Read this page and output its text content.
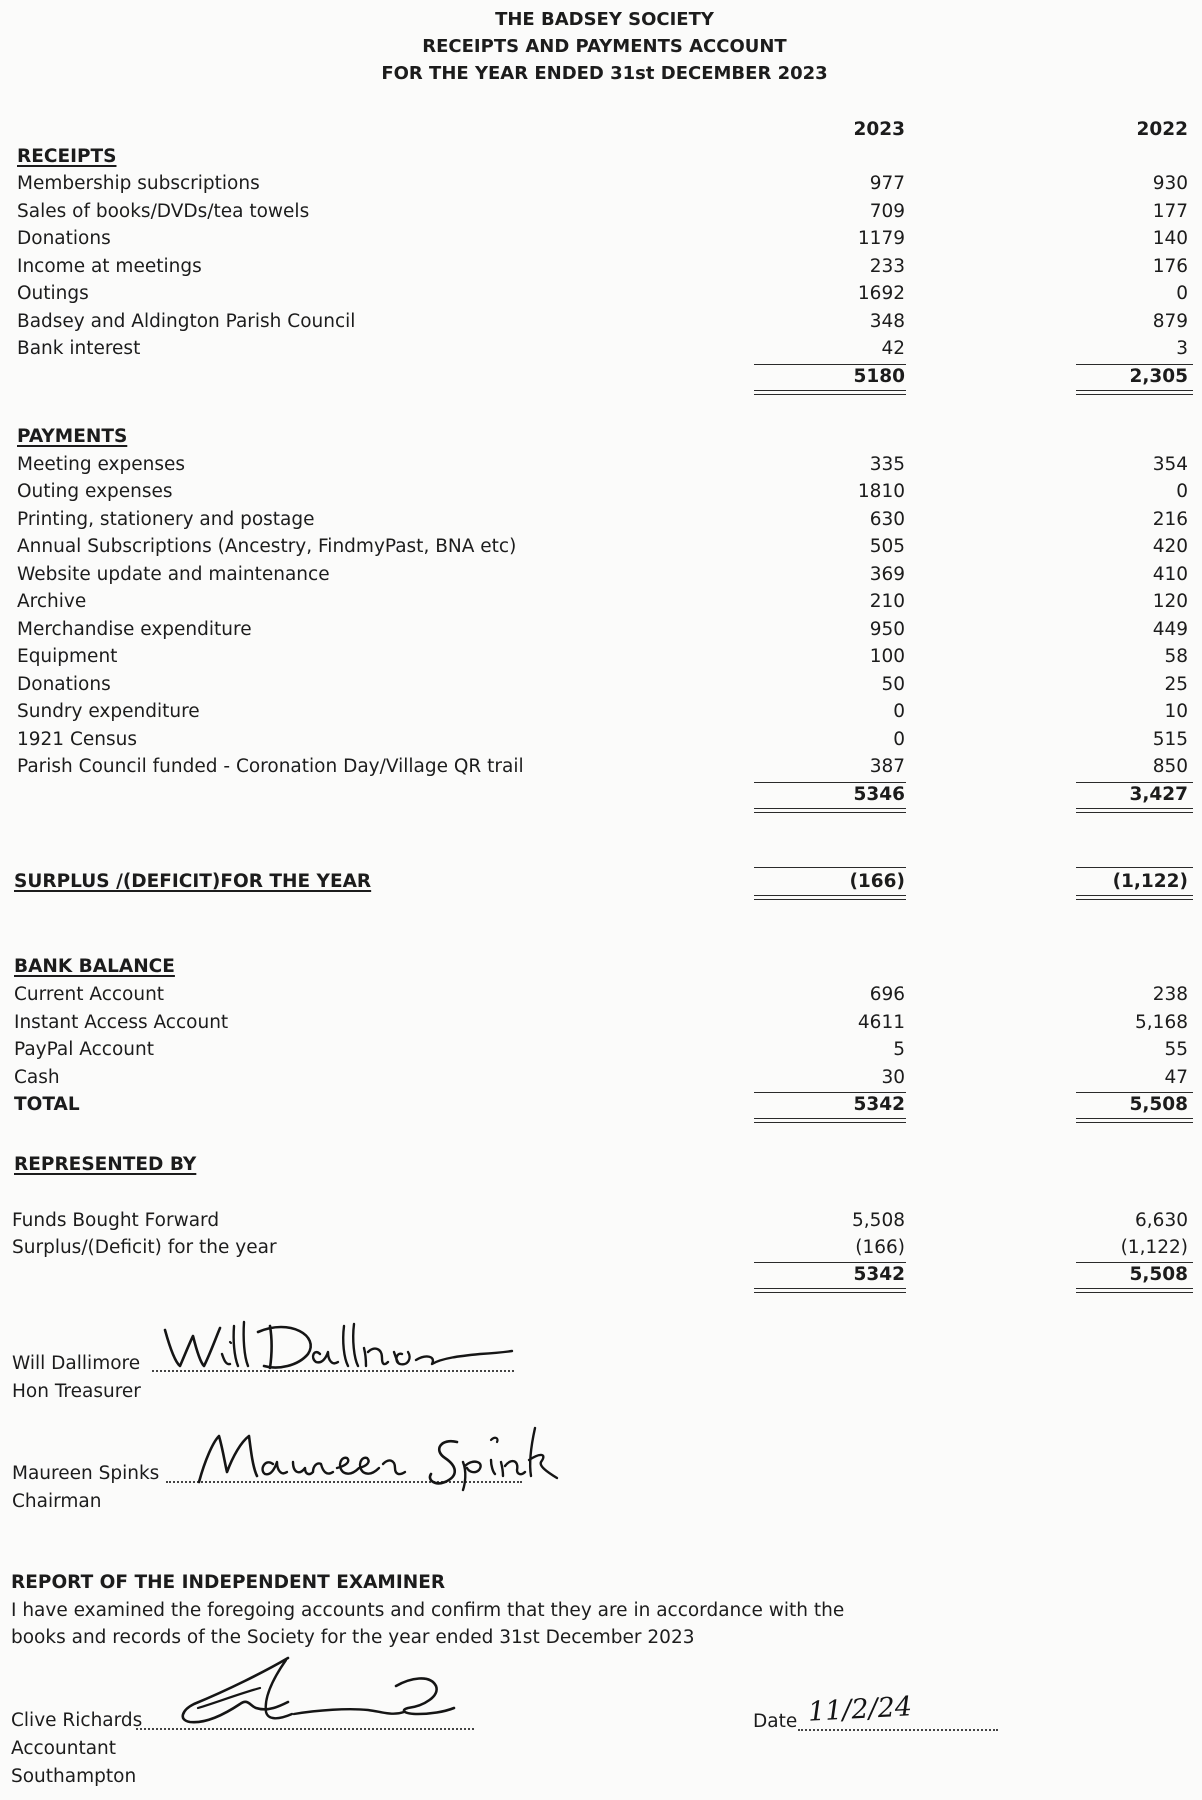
THE BADSEY SOCIETY
RECEIPTS AND PAYMENTS ACCOUNT
FOR THE YEAR ENDED 31st DECEMBER 2023
2023	2022
RECEIPTS
Membership subscriptions	977	930
Sales of books/DVDs/tea towels	709	177
Donations	1179	140
Income at meetings	233	176
Outings	1692	0
Badsey and Aldington Parish Council	348	879
Bank interest	42	3
5180	2,305
PAYMENTS
Meeting expenses	335	354
Outing expenses	1810	0
Printing, stationery and postage	630	216
Annual Subscriptions (Ancestry, FindmyPast, BNA etc)	505	420
Website update and maintenance	369	410
Archive	210	120
Merchandise expenditure	950	449
Equipment	100	58
Donations	50	25
Sundry expenditure	0	10
1921 Census	0	515
Parish Council funded - Coronation Day/Village QR trail	387	850
5346	3,427
SURPLUS /(DEFICIT)FOR THE YEAR	(166)	(1,122)
BANK BALANCE
Current Account	696	238
Instant Access Account	4611	5,168
PayPal Account	5	55
Cash	30	47
TOTAL	5342	5,508
REPRESENTED BY
Funds Bought Forward	5,508	6,630
Surplus/(Deficit) for the year	(166)	(1,122)
5342	5,508
Will Dallimore
Hon Treasurer
Maureen Spinks
Chairman
REPORT OF THE INDEPENDENT EXAMINER
I have examined the foregoing accounts and confirm that they are in accordance with the
books and records of the Society for the year ended 31st December 2023
Clive Richards
Accountant
Southampton
Date 11/2/24
